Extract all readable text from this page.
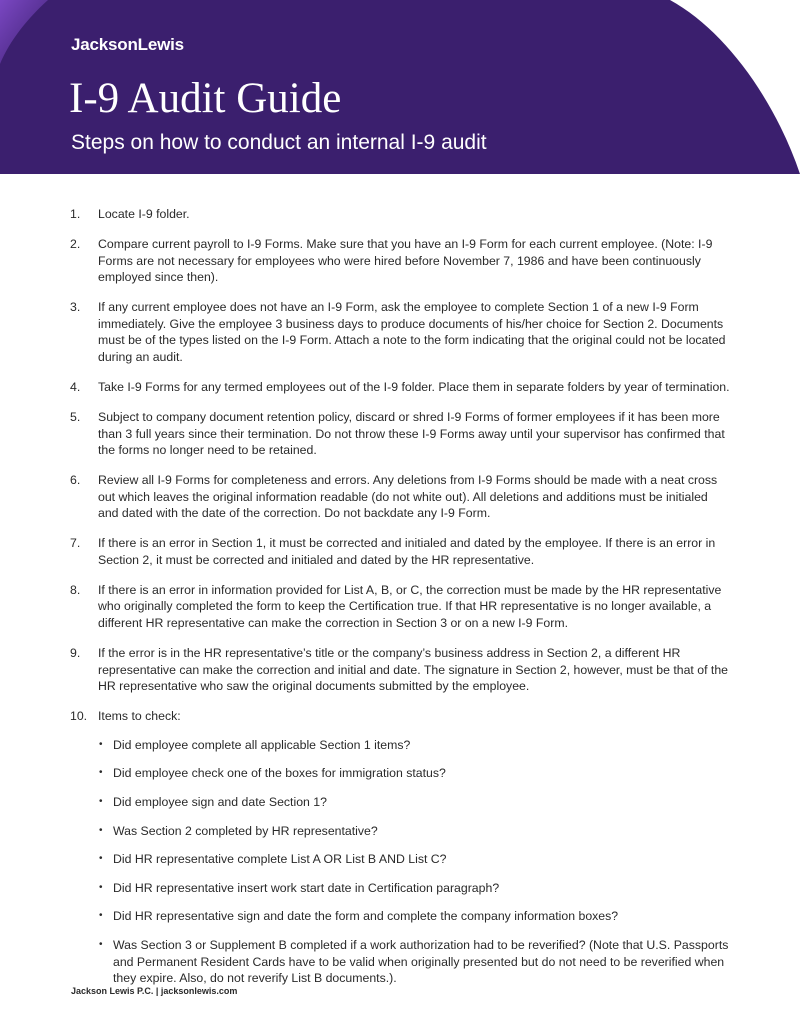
JacksonLewis
I-9 Audit Guide
Steps on how to conduct an internal I-9 audit
1.	Locate I-9 folder.
2.	Compare current payroll to I-9 Forms. Make sure that you have an I-9 Form for each current employee. (Note: I-9 Forms are not necessary for employees who were hired before November 7, 1986 and have been continuously employed since then).
3.	If any current employee does not have an I-9 Form, ask the employee to complete Section 1 of a new I-9 Form immediately. Give the employee 3 business days to produce documents of his/her choice for Section 2. Documents must be of the types listed on the I-9 Form. Attach a note to the form indicating that the original could not be located during an audit.
4.	Take I-9 Forms for any termed employees out of the I-9 folder. Place them in separate folders by year of termination.
5.	Subject to company document retention policy, discard or shred I-9 Forms of former employees if it has been more than 3 full years since their termination. Do not throw these I-9 Forms away until your supervisor has confirmed that the forms no longer need to be retained.
6.	Review all I-9 Forms for completeness and errors. Any deletions from I-9 Forms should be made with a neat cross out which leaves the original information readable (do not white out). All deletions and additions must be initialed and dated with the date of the correction. Do not backdate any I-9 Form.
7.	If there is an error in Section 1, it must be corrected and initialed and dated by the employee. If there is an error in Section 2, it must be corrected and initialed and dated by the HR representative.
8.	If there is an error in information provided for List A, B, or C, the correction must be made by the HR representative who originally completed the form to keep the Certification true. If that HR representative is no longer available, a different HR representative can make the correction in Section 3 or on a new I-9 Form.
9.	If the error is in the HR representative’s title or the company’s business address in Section 2, a different HR representative can make the correction and initial and date. The signature in Section 2, however, must be that of the HR representative who saw the original documents submitted by the employee.
10. Items to check:
• Did employee complete all applicable Section 1 items?
• Did employee check one of the boxes for immigration status?
• Did employee sign and date Section 1?
• Was Section 2 completed by HR representative?
• Did HR representative complete List A OR List B AND List C?
• Did HR representative insert work start date in Certification paragraph?
• Did HR representative sign and date the form and complete the company information boxes?
• Was Section 3 or Supplement B completed if a work authorization had to be reverified? (Note that U.S. Passports and Permanent Resident Cards have to be valid when originally presented but do not need to be reverified when they expire. Also, do not reverify List B documents.).
Jackson Lewis P.C. | jacksonlewis.com
